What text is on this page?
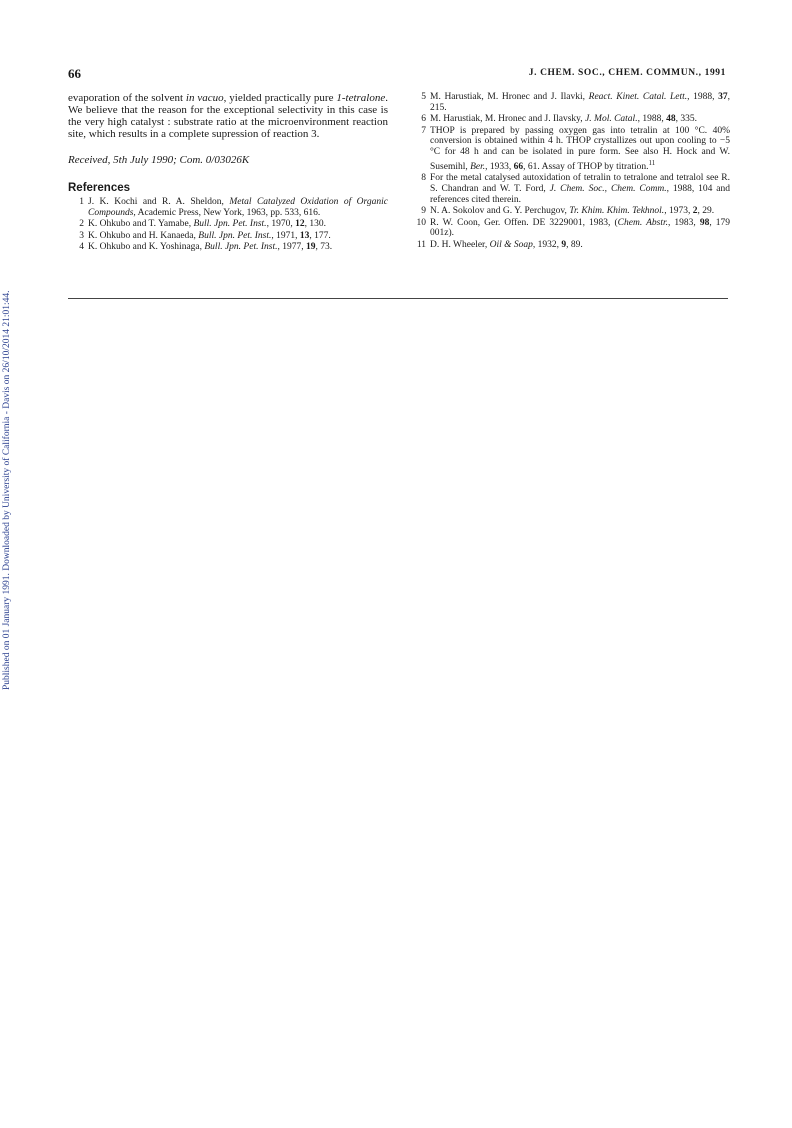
66	J. CHEM. SOC., CHEM. COMMUN., 1991
Published on 01 January 1991. Downloaded by University of California - Davis on 26/10/2014 21:01:44.

evaporation of the solvent in vacuo, yielded practically pure 1-tetralone. We believe that the reason for the exceptional selectivity in this case is the very high catalyst : substrate ratio at the microenvironment reaction site, which results in a complete supression of reaction 3.

Received, 5th July 1990; Com. 0/03026K

References
1 J. K. Kochi and R. A. Sheldon, Metal Catalyzed Oxidation of Organic Compounds, Academic Press, New York, 1963, pp. 533, 616.
2 K. Ohkubo and T. Yamabe, Bull. Jpn. Pet. Inst., 1970, 12, 130.
3 K. Ohkubo and H. Kanaeda, Bull. Jpn. Pet. Inst., 1971, 13, 177.
4 K. Ohkubo and K. Yoshinaga, Bull. Jpn. Pet. Inst., 1977, 19, 73.
5 M. Harustiak, M. Hronec and J. Ilavki, React. Kinet. Catal. Lett., 1988, 37, 215.
6 M. Harustiak, M. Hronec and J. Ilavsky, J. Mol. Catal., 1988, 48, 335.
7 THOP is prepared by passing oxygen gas into tetralin at 100 °C. 40% conversion is obtained within 4 h. THOP crystallizes out upon cooling to −5 °C for 48 h and can be isolated in pure form. See also H. Hock and W. Susemihl, Ber., 1933, 66, 61. Assay of THOP by titration.$^{11}$
8 For the metal catalysed autoxidation of tetralin to tetralone and tetralol see R. S. Chandran and W. T. Ford, J. Chem. Soc., Chem. Comm., 1988, 104 and references cited therein.
9 N. A. Sokolov and G. Y. Perchugov, Tr. Khim. Khim. Tekhnol., 1973, 2, 29.
10 R. W. Coon, Ger. Offen. DE 3229001, 1983, (Chem. Abstr., 1983, 98, 179 001z).
11 D. H. Wheeler, Oil & Soap, 1932, 9, 89.
